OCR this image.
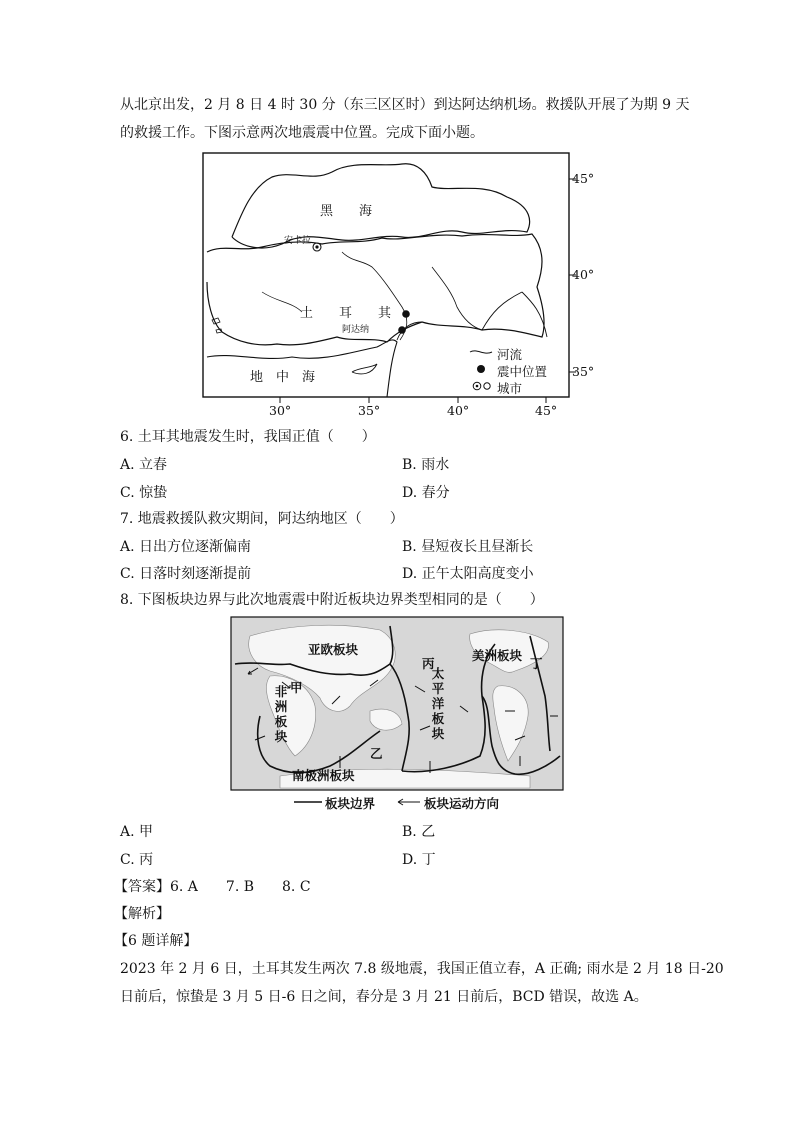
从北京出发，2 月 8 日 4 时 30 分（东三区区时）到达阿达纳机场。救援队开展了为期 9 天
的救援工作。下图示意两次地震震中位置。完成下面小题。
黑　　海
安卡拉
土　　耳　　其
阿达纳
地　中　海
45°
40°
35°
30°	35°	40°	45°
河流
震中位置
城市
6. 土耳其地震发生时，我国正值（　　）
A. 立春	B. 雨水
C. 惊蛰	D. 春分
7. 地震救援队救灾期间，阿达纳地区（　　）
A. 日出方位逐渐偏南	B. 昼短夜长且昼渐长
C. 日落时刻逐渐提前	D. 正午太阳高度变小
8. 下图板块边界与此次地震震中附近板块边界类型相同的是（　　）
亚欧板块	美洲板块
丙	丁
甲
乙
非洲板块
太平洋板块
南极洲板块
板块边界	板块运动方向
A. 甲	B. 乙
C. 丙	D. 丁
【答案】6. A　　7. B　　8. C
【解析】
【6 题详解】
2023 年 2 月 6 日，土耳其发生两次 7.8 级地震，我国正值立春，A 正确; 雨水是 2 月 18 日-20
日前后，惊蛰是 3 月 5 日-6 日之间，春分是 3 月 21 日前后，BCD 错误，故选 A。
